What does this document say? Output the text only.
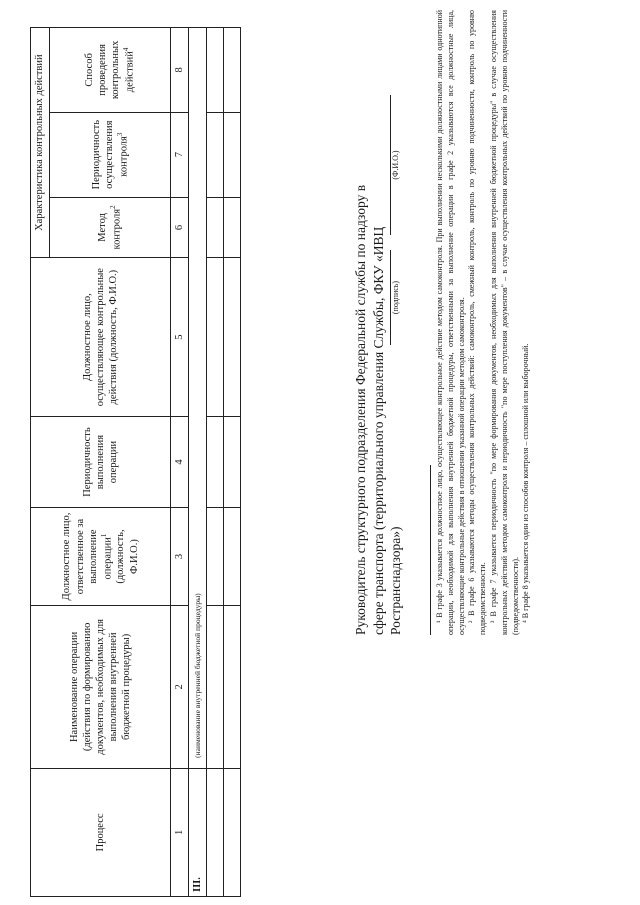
Процесс	Наименование операции (действия по формированию документов, необходимых для выполнения внутренней бюджетной процедуры)	Должностное лицо, ответственное за выполнение операции$^1$ (должность, Ф.И.О.)	Периодичность выполнения операции	Должностное лицо, осуществляющее контрольные действия (должность, Ф.И.О.)	Характеристика контрольных действий		
					Метод контроля$^2$	Периодичность осуществления контроля$^3$	Способ проведения контрольных действий$^4$
1	2	3	4	5	6	7	8
III.	(наименование внутренней бюджетной процедуры)						

Руководитель структурного подразделения Федеральной службы по надзору в сфере транспорта (территориального управления Службы, ФКУ «ИВЦ Ространснадзора»)
(подпись)
(Ф.И.О.)	¹ В графе 3 указывается должностное лицо, осуществляющее контрольное действие методом самоконтроля. При выполнении несколькими должностными лицами однотипной операции, необходимой для выполнения внутренней бюджетной процедуры, ответственными за выполнение операции в графе 2 указываются все должностные лица, осуществляющие контрольные действия в отношении указанной операции методом самоконтроля. ² В графе 6 указываются методы осуществления контрольных действий: самоконтроль, смежный контроль, контроль по уровню подчиненности, контроль по уровню подведомственности. ³ В графе 7 указывается периодичность "по мере формирования документов, необходимых для выполнения внутренней бюджетной процедуры" в случае осуществления контрольных действий методом самоконтроля и периодичность "по мере поступления документов" – в случае осуществления контрольных действий по уровню подчиненности (подведомственности). ⁴ В графе 8 указывается один из способов контроля – сплошной или выборочный.
